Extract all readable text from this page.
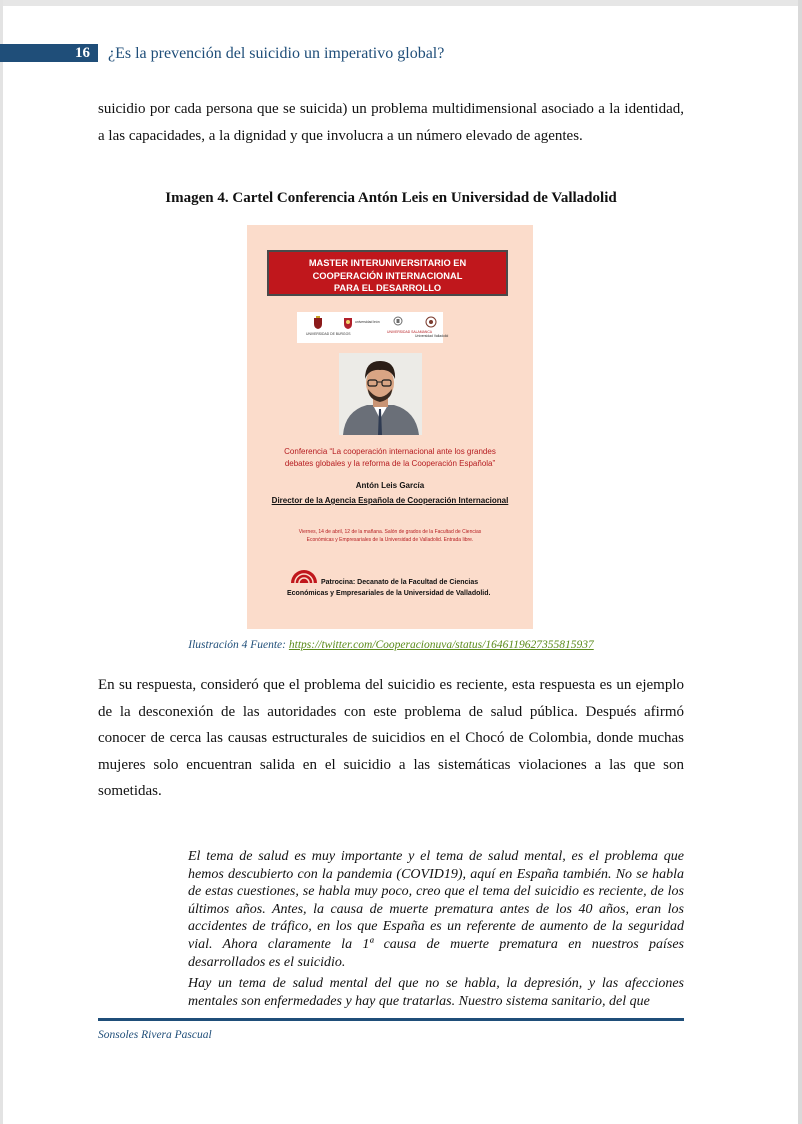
16 ¿Es la prevención del suicidio un imperativo global?

suicidio por cada persona que se suicida) un problema multidimensional asociado a la identidad, a las capacidades, a la dignidad y que involucra a un número elevado de agentes.

Imagen 4. Cartel Conferencia Antón Leis en Universidad de Valladolid
MASTER INTERUNIVERSITARIO EN
COOPERACIÓN INTERNACIONAL
PARA EL DESARROLLO
UNIVERSIDAD DE BURGOS
universidad león
UNIVERSIDAD SALAMANCA
Universidad Valladolid
Conferencia “La cooperación internacional ante los grandes
debates globales y la reforma de la Cooperación Española”
Antón Leis García
Director de la Agencia Española de Cooperación Internacional
Viernes, 14 de abril, 12 de la mañana. Salón de grados de la Facultad de Ciencias
Económicas y Empresariales de la Universidad de Valladolid. Entrada libre.
Patrocina: Decanato de la Facultad de Ciencias
Económicas y Empresariales de la Universidad de Valladolid.
Ilustración 4 Fuente: https://twitter.com/Cooperacionuva/status/1646119627355815937

En su respuesta, consideró que el problema del suicidio es reciente, esta respuesta es un ejemplo de la desconexión de las autoridades con este problema de salud pública. Después afirmó conocer de cerca las causas estructurales de suicidios en el Chocó de Colombia, donde muchas mujeres solo encuentran salida en el suicidio a las sistemáticas violaciones a las que son sometidas.

El tema de salud es muy importante y el tema de salud mental, es el problema que hemos descubierto con la pandemia (COVID19), aquí en España también. No se habla de estas cuestiones, se habla muy poco, creo que el tema del suicidio es reciente, de los últimos años. Antes, la causa de muerte prematura antes de los 40 años, eran los accidentes de tráfico, en los que España es un referente de aumento de la seguridad vial. Ahora claramente la 1ª causa de muerte prematura en nuestros países desarrollados es el suicidio.

Hay un tema de salud mental del que no se habla, la depresión, y las afecciones mentales son enfermedades y hay que tratarlas. Nuestro sistema sanitario, del que

Sonsoles Rivera Pascual
